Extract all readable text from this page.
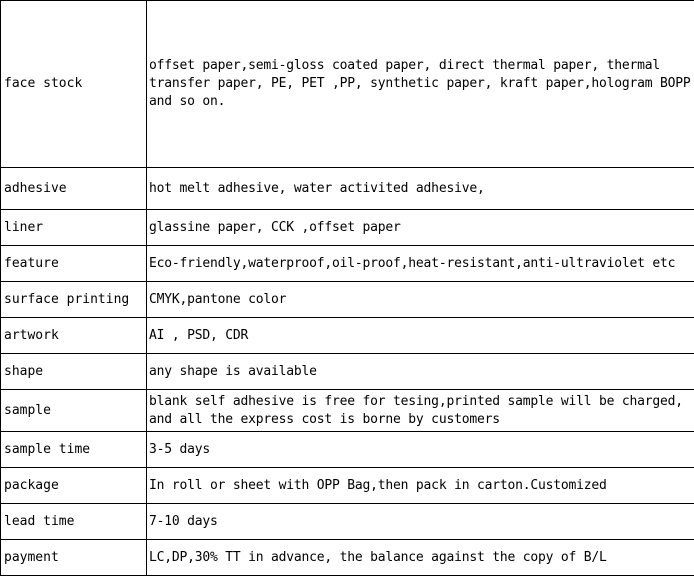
face stock	offset paper,semi-gloss coated paper, direct thermal paper, thermal transfer paper, PE, PET ,PP, synthetic paper, kraft paper,hologram BOPP and so on.
adhesive	hot melt adhesive, water activited adhesive,
liner	glassine paper, CCK ,offset paper
feature	Eco-friendly,waterproof,oil-proof,heat-resistant,anti-ultraviolet etc
surface printing	CMYK,pantone color
artwork	AI , PSD, CDR
shape	any shape is available
sample	blank self adhesive is free for tesing,printed sample will be charged, and all the express cost is borne by customers
sample time	3-5 days
package	In roll or sheet with OPP Bag,then pack in carton.Customized
lead time	7-10 days
payment	LC,DP,30% TT in advance, the balance against the copy of B/L
